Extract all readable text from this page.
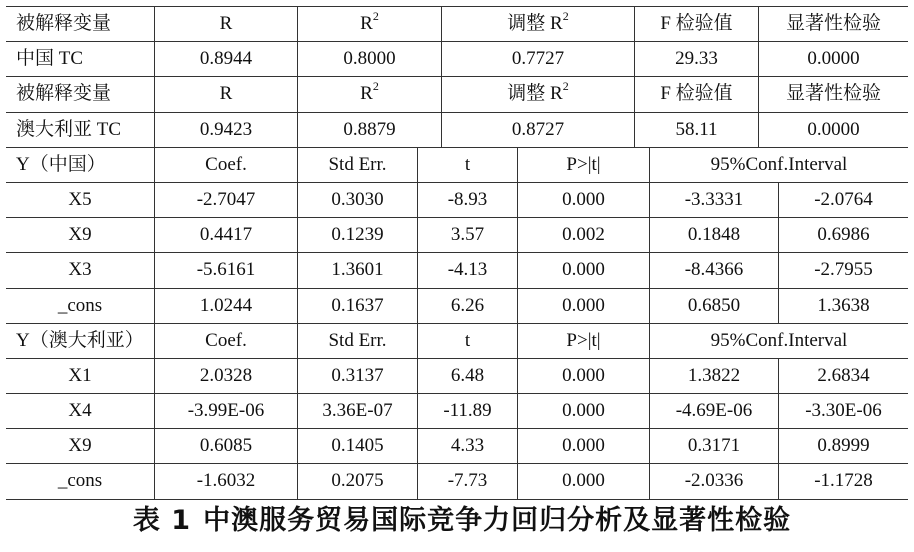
被解释变量	R	$R^2$	调整 $R^2$	F 检验值	显著性检验
中国 TC	0.8944	0.8000	0.7727	29.33	0.0000
被解释变量	R	$R^2$	调整 $R^2$	F 检验值	显著性检验
澳大利亚 TC	0.9423	0.8879	0.8727	58.11	0.0000
Y（中国）	Coef.	Std Err.	t	P>|t|	95%Conf.Interval
X5	-2.7047	0.3030	-8.93	0.000	-3.3331	-2.0764
X9	0.4417	0.1239	3.57	0.002	0.1848	0.6986
X3	-5.6161	1.3601	-4.13	0.000	-8.4366	-2.7955
_cons	1.0244	0.1637	6.26	0.000	0.6850	1.3638
Y（澳大利亚）	Coef.	Std Err.	t	P>|t|	95%Conf.Interval
X1	2.0328	0.3137	6.48	0.000	1.3822	2.6834
X4	-3.99E-06	3.36E-07	-11.89	0.000	-4.69E-06	-3.30E-06
X9	0.6085	0.1405	4.33	0.000	0.3171	0.8999
_cons	-1.6032	0.2075	-7.73	0.000	-2.0336	-1.1728
表 1 中澳服务贸易国际竞争力回归分析及显著性检验
